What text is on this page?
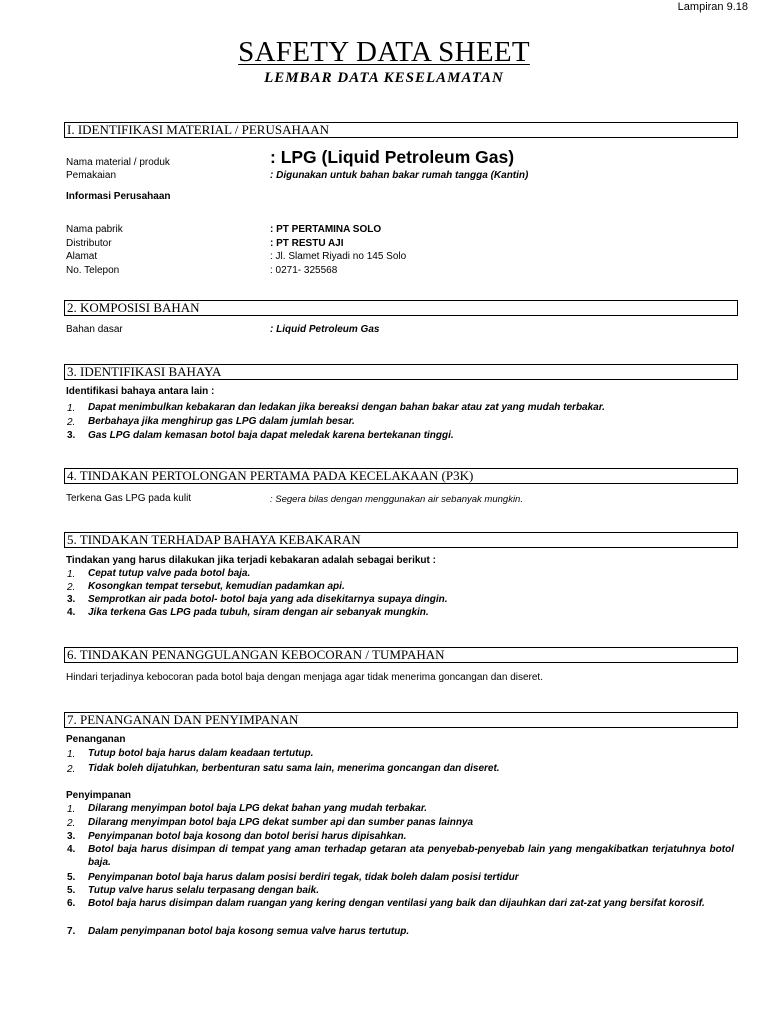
Lampiran 9.18
SAFETY DATA SHEET
LEMBAR DATA KESELAMATAN
I. IDENTIFIKASI MATERIAL / PERUSAHAAN
Nama material / produk	: LPG (Liquid Petroleum Gas)
Pemakaian	: Digunakan untuk bahan bakar rumah tangga (Kantin)
Informasi Perusahaan
Nama pabrik	: PT PERTAMINA SOLO
Distributor	: PT RESTU AJI
Alamat	: Jl. Slamet Riyadi no 145 Solo
No. Telepon	: 0271- 325568
2. KOMPOSISI BAHAN
Bahan dasar	: Liquid Petroleum Gas
3. IDENTIFIKASI BAHAYA
Identifikasi bahaya antara lain :
1. Dapat menimbulkan kebakaran dan ledakan jika bereaksi dengan bahan bakar atau zat yang mudah terbakar.
2. Berbahaya jika menghirup gas LPG dalam jumlah besar.
3. Gas LPG dalam kemasan botol baja dapat meledak karena bertekanan tinggi.
4. TINDAKAN PERTOLONGAN PERTAMA PADA KECELAKAAN (P3K)
Terkena Gas LPG pada kulit	: Segera bilas dengan menggunakan air sebanyak mungkin.
5. TINDAKAN TERHADAP BAHAYA KEBAKARAN
Tindakan yang harus dilakukan jika terjadi kebakaran adalah sebagai berikut :
1. Cepat tutup valve pada botol baja.
2. Kosongkan tempat tersebut, kemudian padamkan api.
3. Semprotkan air pada botol- botol baja yang ada disekitarnya supaya dingin.
4. Jika terkena Gas LPG pada tubuh, siram dengan air sebanyak mungkin.
6. TINDAKAN PENANGGULANGAN KEBOCORAN / TUMPAHAN
Hindari terjadinya kebocoran pada botol baja dengan menjaga agar tidak menerima goncangan dan diseret.
7. PENANGANAN DAN PENYIMPANAN
Penanganan
1. Tutup botol baja harus dalam keadaan tertutup.
2. Tidak boleh dijatuhkan, berbenturan satu sama lain, menerima goncangan dan diseret.
Penyimpanan
1. Dilarang menyimpan botol baja LPG dekat bahan yang mudah terbakar.
2. Dilarang menyimpan botol baja LPG dekat sumber api dan sumber panas lainnya
3. Penyimpanan botol baja kosong dan botol berisi harus dipisahkan.
4. Botol baja harus disimpan di tempat yang aman terhadap getaran ata penyebab-penyebab lain yang mengakibatkan terjatuhnya botol baja.
5. Penyimpanan botol baja harus dalam posisi berdiri tegak, tidak boleh dalam posisi tertidur
5. Tutup valve harus selalu terpasang dengan baik.
6. Botol baja harus disimpan dalam ruangan yang kering dengan ventilasi yang baik dan dijauhkan dari zat-zat yang bersifat korosif.
7. Dalam penyimpanan botol baja kosong semua valve harus tertutup.
